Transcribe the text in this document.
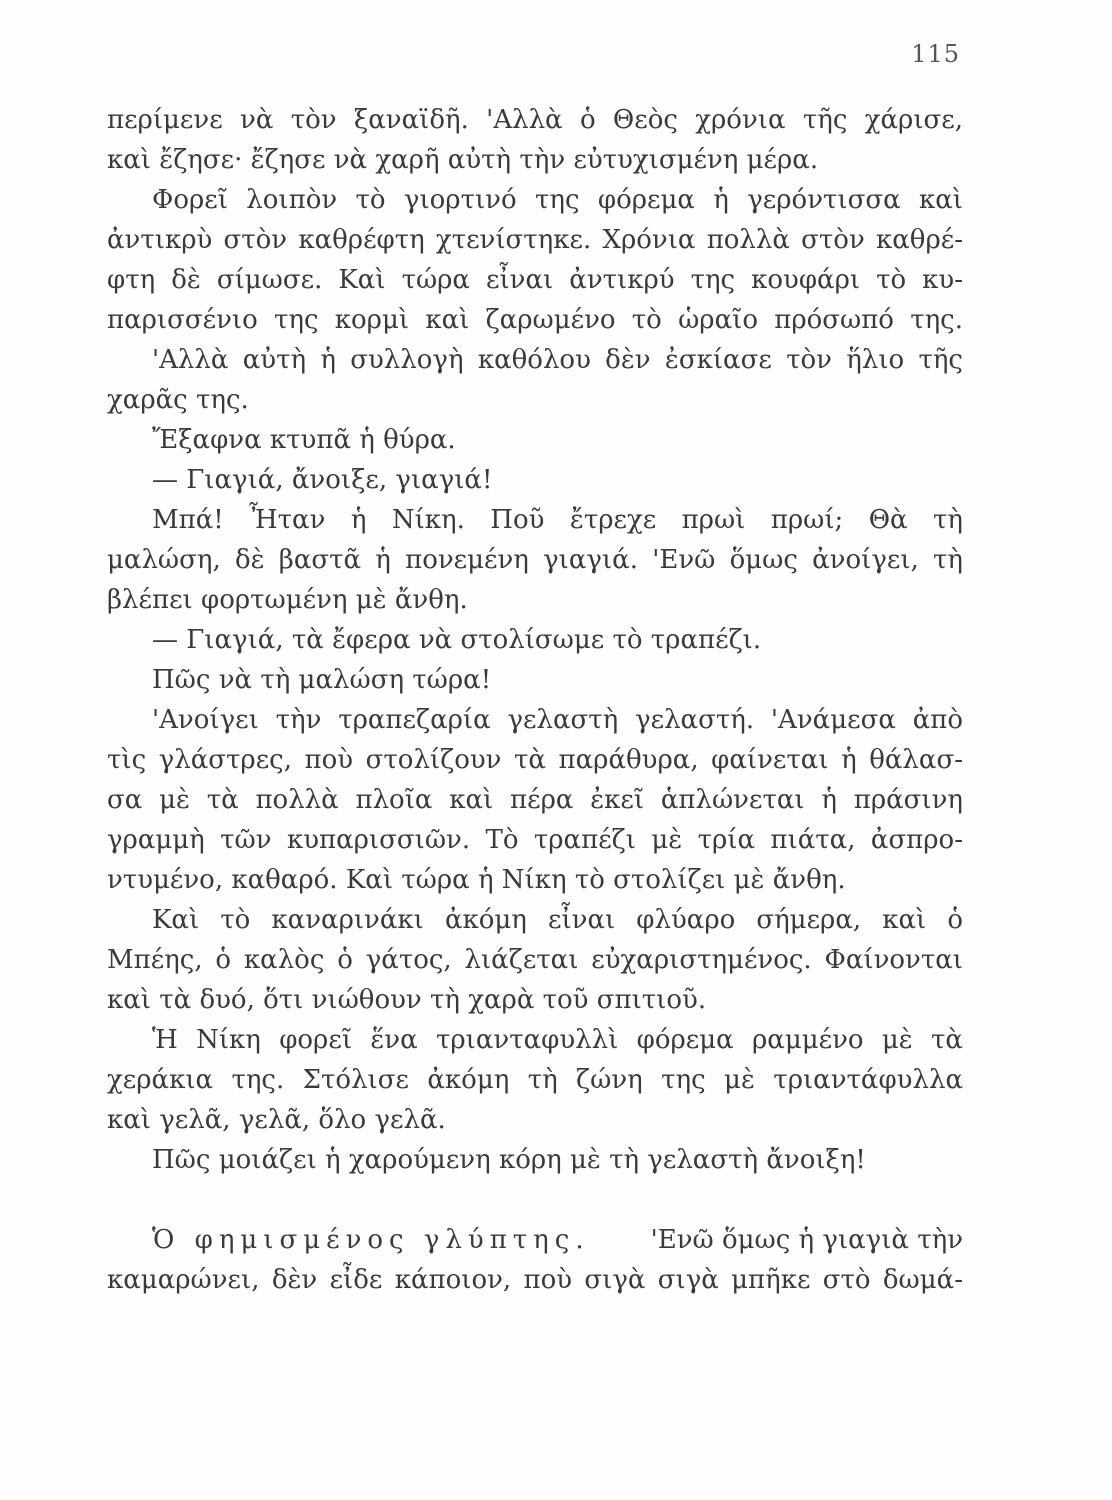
115
περίμενε νὰ τὸν ξαναϊδῆ. 'Αλλὰ ὁ Θεὸς χρόνια τῆς χάρισε,
καὶ ἔζησε· ἔζησε νὰ χαρῆ αὐτὴ τὴν εὐτυχισμένη μέρα.
Φορεῖ λοιπὸν τὸ γιορτινό της φόρεμα ἡ γερόντισσα καὶ
ἀντικρὺ στὸν καθρέφτη χτενίστηκε. Χρόνια πολλὰ στὸν καθρέ-
φτη δὲ σίμωσε. Καὶ τώρα εἶναι ἀντικρύ της κουφάρι τὸ κυ-
παρισσένιο της κορμὶ καὶ ζαρωμένο τὸ ὡραῖο πρόσωπό της.
'Αλλὰ αὐτὴ ἡ συλλογὴ καθόλου δὲν ἐσκίασε τὸν ἥλιο τῆς
χαρᾶς της.
Ἔξαφνα κτυπᾶ ἡ θύρα.
— Γιαγιά, ἄνοιξε, γιαγιά!
Μπά! Ἦταν ἡ Νίκη. Ποῦ ἔτρεχε πρωὶ πρωί; Θὰ τὴ
μαλώση, δὲ βαστᾶ ἡ πονεμένη γιαγιά. 'Ενῶ ὅμως ἀνοίγει, τὴ
βλέπει φορτωμένη μὲ ἄνθη.
— Γιαγιά, τὰ ἔφερα νὰ στολίσωμε τὸ τραπέζι.
Πῶς νὰ τὴ μαλώση τώρα!
'Ανοίγει τὴν τραπεζαρία γελαστὴ γελαστή. 'Ανάμεσα ἀπὸ
τὶς γλάστρες, ποὺ στολίζουν τὰ παράθυρα, φαίνεται ἡ θάλασ-
σα μὲ τὰ πολλὰ πλοῖα καὶ πέρα ἐκεῖ ἁπλώνεται ἡ πράσινη
γραμμὴ τῶν κυπαρισσιῶν. Τὸ τραπέζι μὲ τρία πιάτα, ἀσπρο-
ντυμένο, καθαρό. Καὶ τώρα ἡ Νίκη τὸ στολίζει μὲ ἄνθη.
Καὶ τὸ καναρινάκι ἀκόμη εἶναι φλύαρο σήμερα, καὶ ὁ
Μπέης, ὁ καλὸς ὁ γάτος, λιάζεται εὐχαριστημένος. Φαίνονται
καὶ τὰ δυό, ὅτι νιώθουν τὴ χαρὰ τοῦ σπιτιοῦ.
Ἡ Νίκη φορεῖ ἕνα τριανταφυλλὶ φόρεμα ραμμένο μὲ τὰ
χεράκια της. Στόλισε ἀκόμη τὴ ζώνη της μὲ τριαντάφυλλα
καὶ γελᾶ, γελᾶ, ὅλο γελᾶ.
Πῶς μοιάζει ἡ χαρούμενη κόρη μὲ τὴ γελαστὴ ἄνοιξη!
Ὁ φημισμένος γλύπτης. 'Ενῶ ὅμως ἡ γιαγιὰ τὴν
καμαρώνει, δὲν εἶδε κάποιον, ποὺ σιγὰ σιγὰ μπῆκε στὸ δωμά-
